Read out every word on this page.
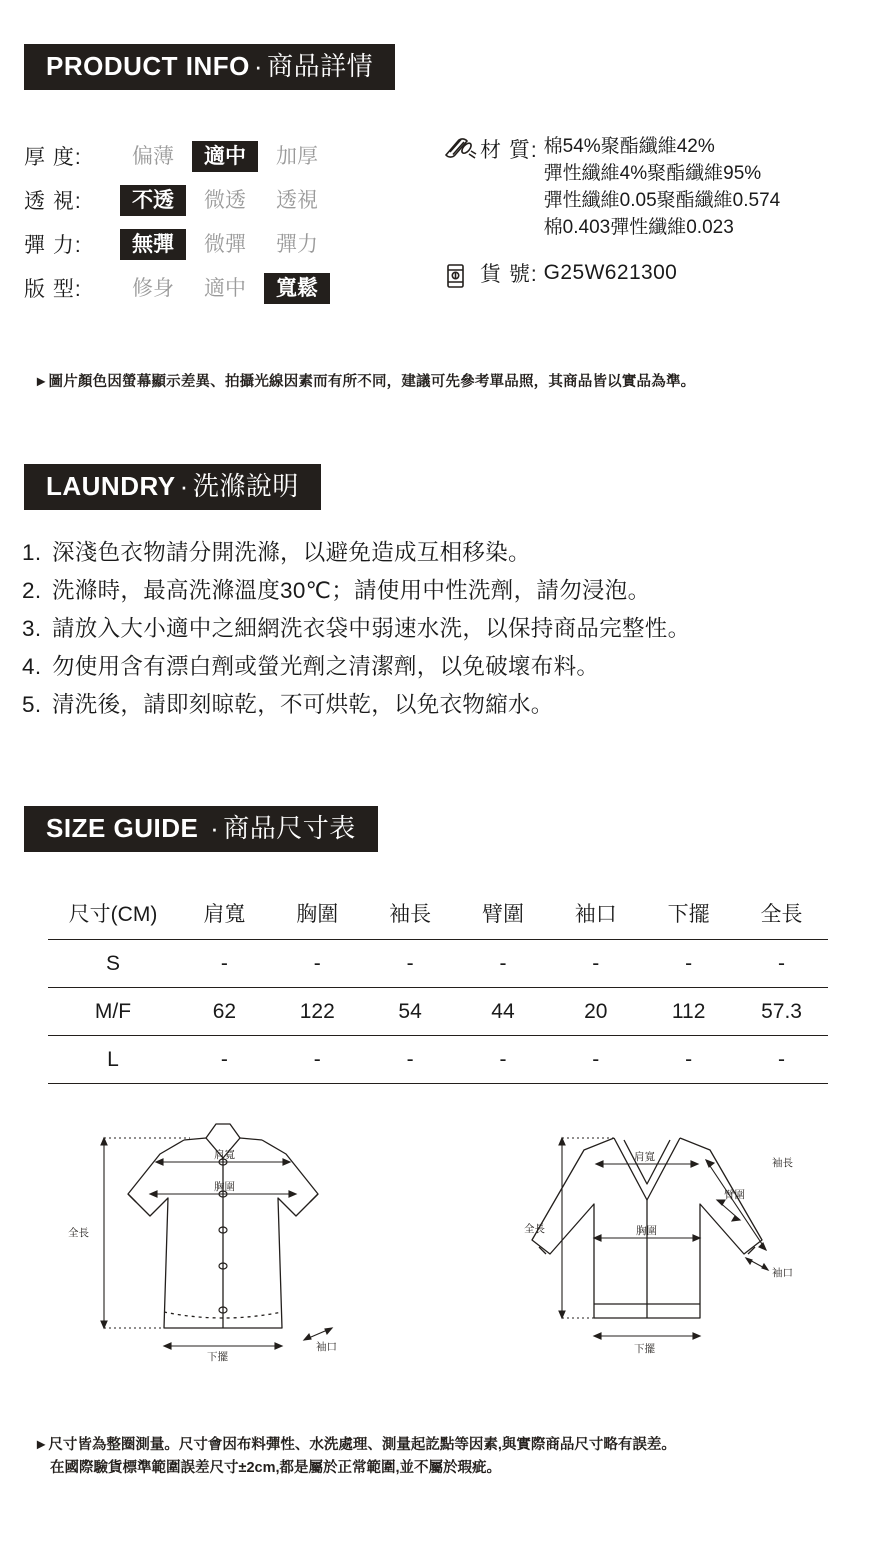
PRODUCT INFO · 商品詳情
厚 度:	偏薄	適中	加厚
透 視:	不透	微透	透視
彈 力:	無彈	微彈	彈力
版 型:	修身	適中	寬鬆
材 質: 棉54%聚酯纖維42%
彈性纖維4%聚酯纖維95%
彈性纖維0.05聚酯纖維0.574
棉0.403彈性纖維0.023
貨 號: G25W621300
►圖片顏色因螢幕顯示差異、拍攝光線因素而有所不同，建議可先參考單品照，其商品皆以實品為準。
LAUNDRY · 洗滌說明
1. 深淺色衣物請分開洗滌，以避免造成互相移染。
2. 洗滌時，最高洗滌溫度30℃；請使用中性洗劑，請勿浸泡。
3. 請放入大小適中之細網洗衣袋中弱速水洗，以保持商品完整性。
4. 勿使用含有漂白劑或螢光劑之清潔劑，以免破壞布料。
5. 清洗後，請即刻晾乾，不可烘乾，以免衣物縮水。
SIZE GUIDE · 商品尺寸表
尺寸(CM)	肩寬	胸圍	袖長	臂圍	袖口	下擺	全長
S	-	-	-	-	-	-	-
M/F	62	122	54	44	20	112	57.3
L	-	-	-	-	-	-	-
肩寬
胸圍
全長
下擺
袖口
肩寬	袖長
臂圍
胸圍
袖口
全長
下擺
►尺寸皆為整圈測量。尺寸會因布料彈性、水洗處理、測量起訖點等因素,與實際商品尺寸略有誤差。
在國際驗貨標準範圍誤差尺寸±2cm,都是屬於正常範圍,並不屬於瑕疵。
